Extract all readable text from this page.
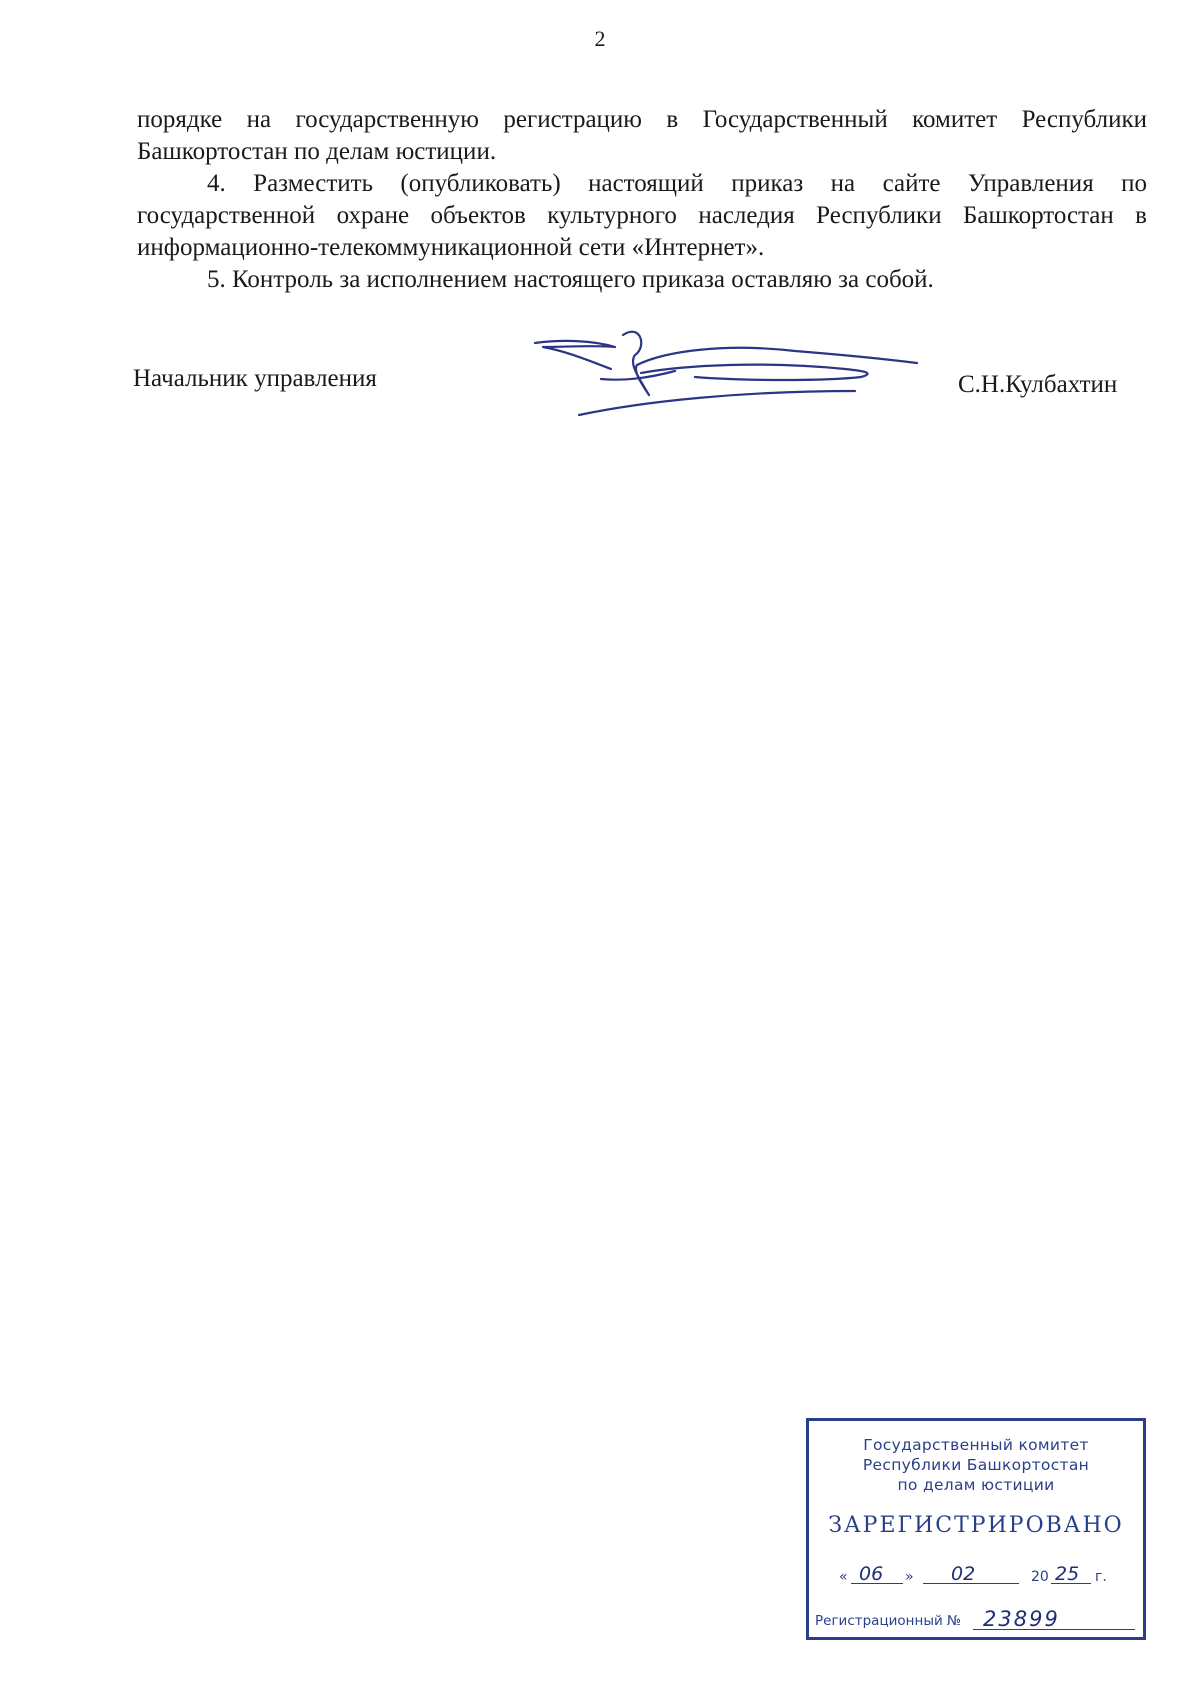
2

порядке на государственную регистрацию в Государственный комитет Республики Башкортостан по делам юстиции.

4. Разместить (опубликовать) настоящий приказ на сайте Управления по государственной охране объектов культурного наследия Республики Башкортостан в информационно-телекоммуникационной сети «Интернет».

5. Контроль за исполнением настоящего приказа оставляю за собой.

Начальник управления	С.Н.Кулбахтин
Государственный комитет
Республики Башкортостан
по делам юстиции
ЗАРЕГИСТРИРОВАНО
« 06 » 02	20 25 г.
Регистрационный № 23899
